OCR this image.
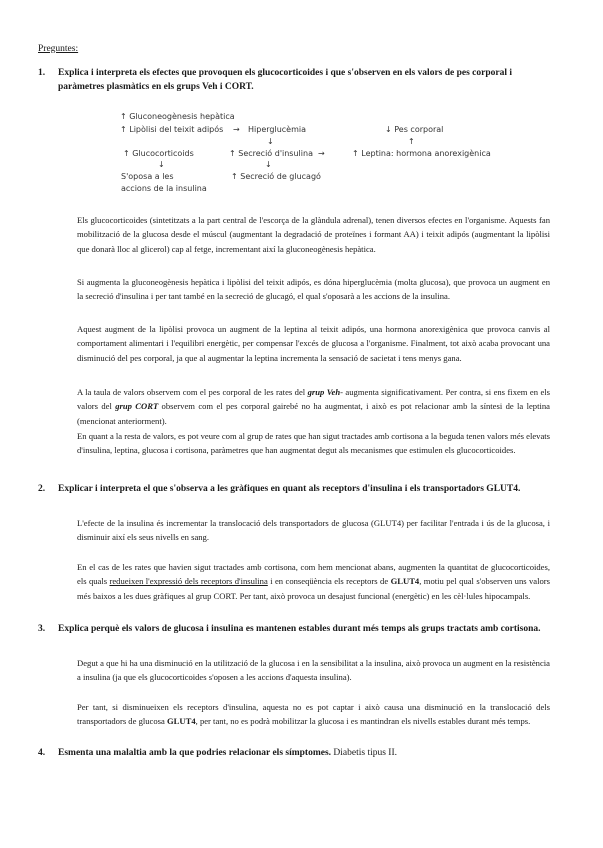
Preguntes:
1. Explica i interpreta els efectes que provoquen els glucocorticoides i que s'observen en els valors de pes corporal i paràmetres plasmàtics en els grups Veh i CORT.
↑ Gluconeogènesis hepàtica
↑ Lipòlisi del teixit adipós → Hiperglucèmia	↓ Pes corporal
↓	↑
↑ Glucocorticoids	↑ Secreció d'insulina →	↑ Leptina: hormona anorexigènica
↓	↓
S'oposa a les	↑ Secreció de glucagó
accions de la insulina

Els glucocorticoides (sintetitzats a la part central de l'escorça de la glàndula adrenal), tenen diversos efectes en l'organisme. Aquests fan mobilització de la glucosa desde el múscul (augmentant la degradació de proteïnes i formant AA) i teixit adipós (augmentant la lipòlisi que donarà lloc al glicerol) cap al fetge, incrementant així la gluconeogènesis hepàtica.

Si augmenta la gluconeogènesis hepàtica i lipòlisi del teixit adipós, es dóna hiperglucèmia (molta glucosa), que provoca un augment en la secreció d'insulina i per tant també en la secreció de glucagó, el qual s'oposarà a les accions de la insulina.

Aquest augment de la lipòlisi provoca un augment de la leptina al teixit adipós, una hormona anorexigènica que provoca canvis al comportament alimentari i l'equilibri energètic, per compensar l'excés de glucosa a l'organisme. Finalment, tot això acaba provocant una disminució del pes corporal, ja que al augmentar la leptina incrementa la sensació de sacietat i tens menys gana.

A la taula de valors observem com el pes corporal de les rates del grup Veh- augmenta significativament. Per contra, si ens fixem en els valors del grup CORT observem com el pes corporal gairebé no ha augmentat, i això es pot relacionar amb la síntesi de la leptina (mencionat anteriorment).

En quant a la resta de valors, es pot veure com al grup de rates que han sigut tractades amb cortisona a la beguda tenen valors més elevats d'insulina, leptina, glucosa i cortisona, paràmetres que han augmentat degut als mecanismes que estimulen els glucocorticoides.

2. Explicar i interpreta el que s'observa a les gràfiques en quant als receptors d'insulina i els transportadors GLUT4.

L'efecte de la insulina és incrementar la translocació dels transportadors de glucosa (GLUT4) per facilitar l'entrada i ús de la glucosa, i disminuir així els seus nivells en sang.

En el cas de les rates que havien sigut tractades amb cortisona, com hem mencionat abans, augmenten la quantitat de glucocorticoides, els quals redueixen l'expressió dels receptors d'insulina i en conseqüència els receptors de GLUT4, motiu pel qual s'observen uns valors més baixos a les dues gràfiques al grup CORT. Per tant, això provoca un desajust funcional (energètic) en les cèl·lules hipocampals.

3. Explica perquè els valors de glucosa i insulina es mantenen estables durant més temps als grups tractats amb cortisona.

Degut a que hi ha una disminució en la utilització de la glucosa i en la sensibilitat a la insulina, això provoca un augment en la resistència a insulina (ja que els glucocorticoides s'oposen a les accions d'aquesta insulina).

Per tant, si disminueixen els receptors d'insulina, aquesta no es pot captar i això causa una disminució en la translocació dels transportadors de glucosa GLUT4, per tant, no es podrà mobilitzar la glucosa i es mantindran els nivells estables durant més temps.

4. Esmenta una malaltia amb la que podries relacionar els símptomes. Diabetis tipus II.
